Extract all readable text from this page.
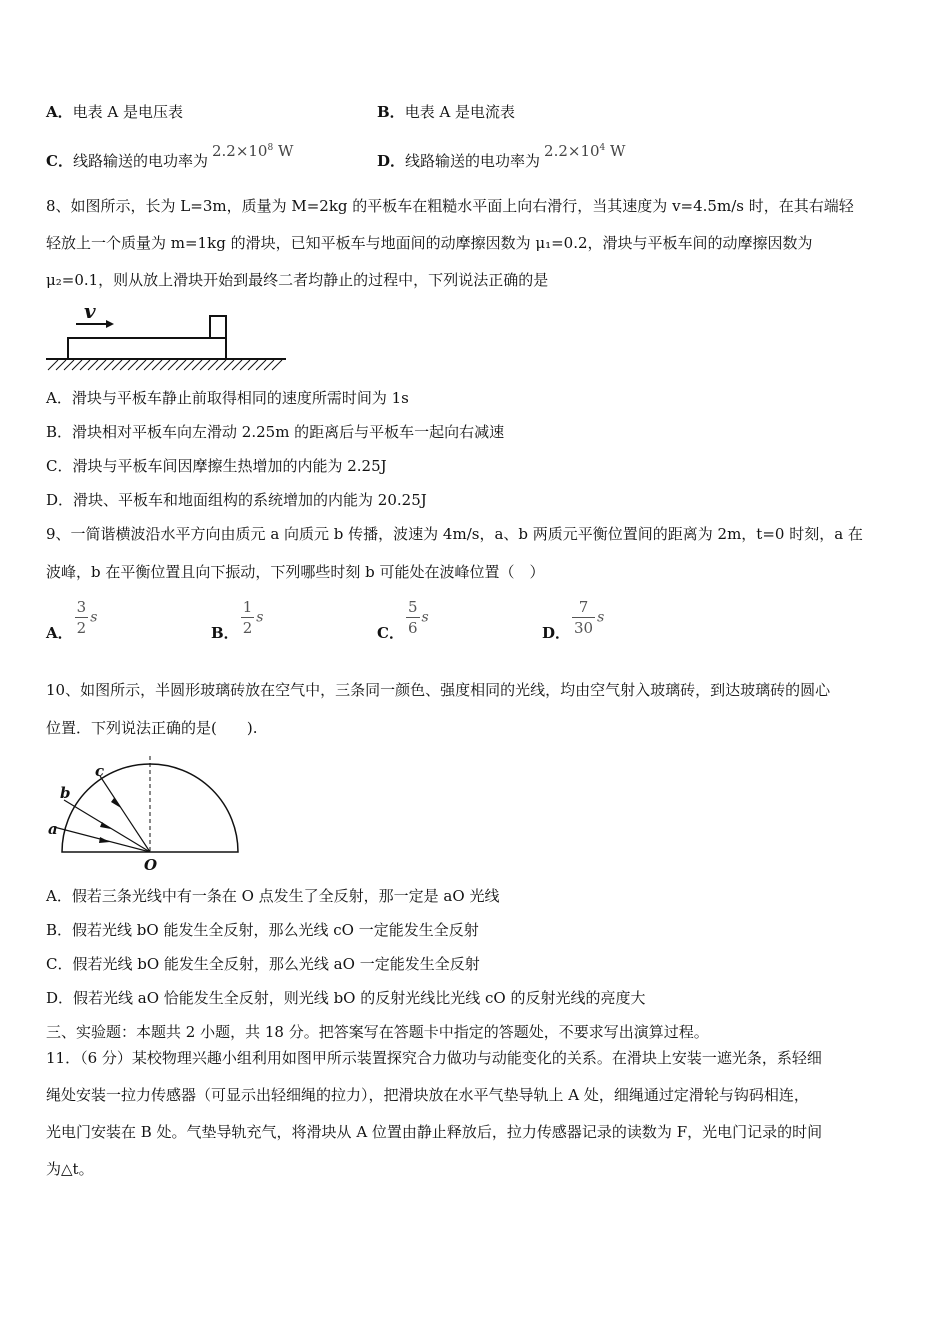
A．电表 A 是电压表	B．电表 A 是电流表
C．线路输送的电功率为$2.2\times 10^8$ W
D．线路输送的电功率为$2.2\times 10^4$ W
8、如图所示，长为 L=3m，质量为 M=2kg 的平板车在粗糙水平面上向右滑行，当其速度为 v=4.5m/s 时，在其右端轻
轻放上一个质量为 m=1kg 的滑块，已知平板车与地面间的动摩擦因数为 μ₁=0.2，滑块与平板车间的动摩擦因数为
μ₂=0.1，则从放上滑块开始到最终二者均静止的过程中，下列说法正确的是
v
A．滑块与平板车静止前取得相同的速度所需时间为 1s
B．滑块相对平板车向左滑动 2.25m 的距离后与平板车一起向右减速
C．滑块与平板车间因摩擦生热增加的内能为 2.25J
D．滑块、平板车和地面组构的系统增加的内能为 20.25J
9、一简谐横波沿水平方向由质元 a 向质元 b 传播，波速为 4m/s，a、b 两质元平衡位置间的距离为 2m，t=0 时刻，a 在
波峰，b 在平衡位置且向下振动，下列哪些时刻 b 可能处在波峰位置（　）
A． $\frac{3}{2}$ s
B． $\frac{1}{2}$ s
C． $\frac{5}{6}$ s
D． $\frac{7}{30}$ s
10、如图所示，半圆形玻璃砖放在空气中，三条同一颜色、强度相同的光线，均由空气射入玻璃砖，到达玻璃砖的圆心
位置．下列说法正确的是(　　).
a
b
c
O
A．假若三条光线中有一条在 O 点发生了全反射，那一定是 aO 光线
B．假若光线 bO 能发生全反射，那么光线 cO 一定能发生全反射
C．假若光线 bO 能发生全反射，那么光线 aO 一定能发生全反射
D．假若光线 aO 恰能发生全反射，则光线 bO 的反射光线比光线 cO 的反射光线的亮度大
三、实验题：本题共 2 小题，共 18 分。把答案写在答题卡中指定的答题处，不要求写出演算过程。
11．（6 分）某校物理兴趣小组利用如图甲所示装置探究合力做功与动能变化的关系。在滑块上安装一遮光条，系轻细
绳处安装一拉力传感器（可显示出轻细绳的拉力），把滑块放在水平气垫导轨上 A 处，细绳通过定滑轮与钩码相连，
光电门安装在 B 处。气垫导轨充气，将滑块从 A 位置由静止释放后，拉力传感器记录的读数为 F，光电门记录的时间
为△t。
